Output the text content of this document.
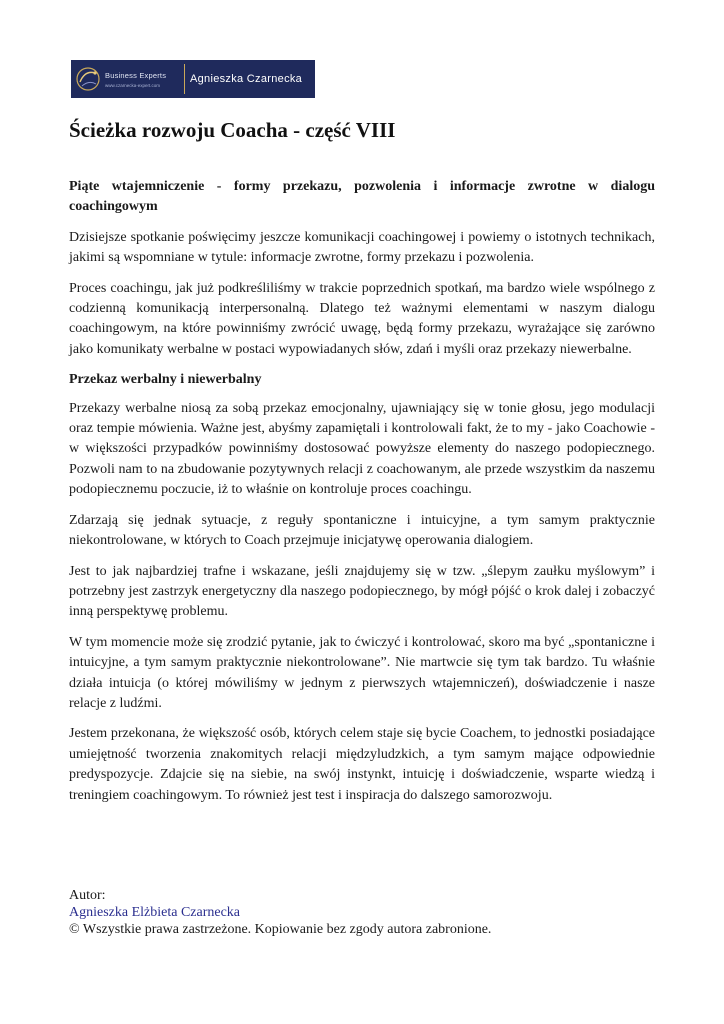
Business Experts
www.czarnecka-expert.com	Agnieszka Czarnecka
Ścieżka rozwoju Coacha - część VIII

Piąte wtajemniczenie - formy przekazu, pozwolenia i informacje zwrotne w dialogu coachingowym

Dzisiejsze spotkanie poświęcimy jeszcze komunikacji coachingowej i powiemy o istotnych technikach, jakimi są wspomniane w tytule: informacje zwrotne, formy przekazu i pozwolenia.

Proces coachingu, jak już podkreśliliśmy w trakcie poprzednich spotkań, ma bardzo wiele wspólnego z codzienną komunikacją interpersonalną. Dlatego też ważnymi elementami w naszym dialogu coachingowym, na które powinniśmy zwrócić uwagę, będą formy przekazu, wyrażające się zarówno jako komunikaty werbalne w postaci wypowiadanych słów, zdań i myśli oraz przekazy niewerbalne.

Przekaz werbalny i niewerbalny

Przekazy werbalne niosą za sobą przekaz emocjonalny, ujawniający się w tonie głosu, jego modulacji oraz tempie mówienia. Ważne jest, abyśmy zapamiętali i kontrolowali fakt, że to my - jako Coachowie - w większości przypadków powinniśmy dostosować powyższe elementy do naszego podopiecznego. Pozwoli nam to na zbudowanie pozytywnych relacji z coachowanym, ale przede wszystkim da naszemu podopiecznemu poczucie, iż to właśnie on kontroluje proces coachingu.

Zdarzają się jednak sytuacje, z reguły spontaniczne i intuicyjne, a tym samym praktycznie niekontrolowane, w których to Coach przejmuje inicjatywę operowania dialogiem.

Jest to jak najbardziej trafne i wskazane, jeśli znajdujemy się w tzw. „ślepym zaułku myślowym” i potrzebny jest zastrzyk energetyczny dla naszego podopiecznego, by mógł pójść o krok dalej i zobaczyć inną perspektywę problemu.

W tym momencie może się zrodzić pytanie, jak to ćwiczyć i kontrolować, skoro ma być „spontaniczne i intuicyjne, a tym samym praktycznie niekontrolowane”. Nie martwcie się tym tak bardzo. Tu właśnie działa intuicja (o której mówiliśmy w jednym z pierwszych wtajemniczeń), doświadczenie i nasze relacje z ludźmi.

Jestem przekonana, że większość osób, których celem staje się bycie Coachem, to jednostki posiadające umiejętność tworzenia znakomitych relacji międzyludzkich, a tym samym mające odpowiednie predyspozycje. Zdajcie się na siebie, na swój instynkt, intuicję i doświadczenie, wsparte wiedzą i treningiem coachingowym. To również jest test i inspiracja do dalszego samorozwoju.

Autor:
Agnieszka Elżbieta Czarnecka
© Wszystkie prawa zastrzeżone. Kopiowanie bez zgody autora zabronione.
